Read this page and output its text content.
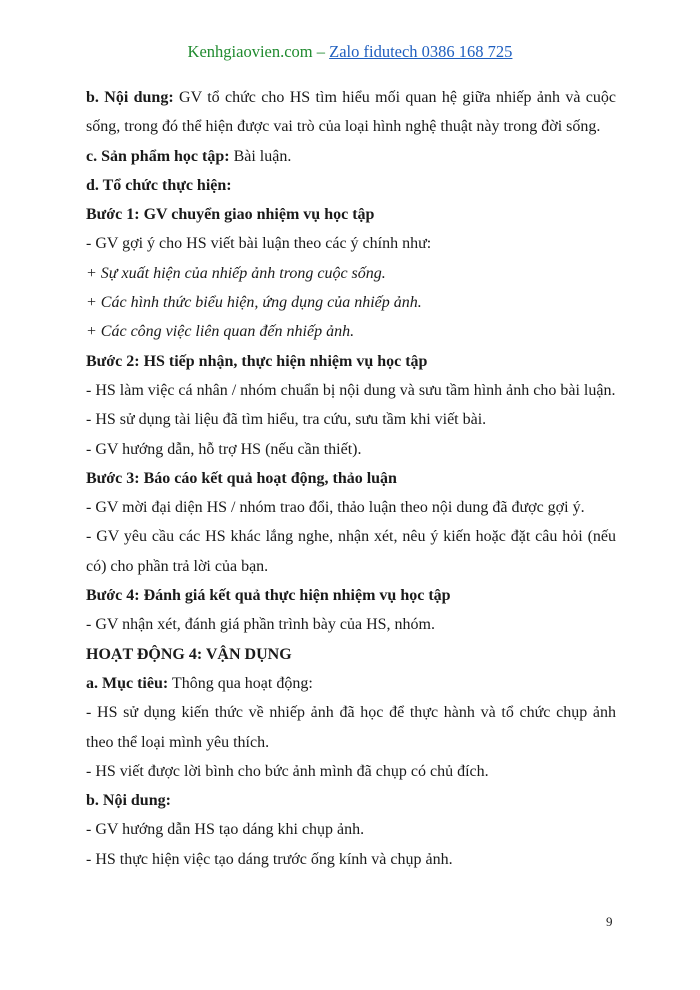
Kenhgiaovien.com – Zalo fidutech 0386 168 725

b. Nội dung: GV tổ chức cho HS tìm hiểu mối quan hệ giữa nhiếp ảnh và cuộc sống, trong đó thể hiện được vai trò của loại hình nghệ thuật này trong đời sống.

c. Sản phẩm học tập: Bài luận.

d. Tổ chức thực hiện:

Bước 1: GV chuyển giao nhiệm vụ học tập

- GV gợi ý cho HS viết bài luận theo các ý chính như:

+ Sự xuất hiện của nhiếp ảnh trong cuộc sống.

+ Các hình thức biểu hiện, ứng dụng của nhiếp ảnh.

+ Các công việc liên quan đến nhiếp ảnh.

Bước 2: HS tiếp nhận, thực hiện nhiệm vụ học tập

- HS làm việc cá nhân / nhóm chuẩn bị nội dung và sưu tầm hình ảnh cho bài luận.

- HS sử dụng tài liệu đã tìm hiểu, tra cứu, sưu tầm khi viết bài.

- GV hướng dẫn, hỗ trợ HS (nếu cần thiết).

Bước 3: Báo cáo kết quả hoạt động, thảo luận

- GV mời đại diện HS / nhóm trao đổi, thảo luận theo nội dung đã được gợi ý.

- GV yêu cầu các HS khác lắng nghe, nhận xét, nêu ý kiến hoặc đặt câu hỏi (nếu có) cho phần trả lời của bạn.

Bước 4: Đánh giá kết quả thực hiện nhiệm vụ học tập

- GV nhận xét, đánh giá phần trình bày của HS, nhóm.

HOẠT ĐỘNG 4: VẬN DỤNG

a. Mục tiêu: Thông qua hoạt động:

- HS sử dụng kiến thức về nhiếp ảnh đã học để thực hành và tổ chức chụp ảnh theo thể loại mình yêu thích.

- HS viết được lời bình cho bức ảnh mình đã chụp có chủ đích.

b. Nội dung:

- GV hướng dẫn HS tạo dáng khi chụp ảnh.

- HS thực hiện việc tạo dáng trước ống kính và chụp ảnh.

9
